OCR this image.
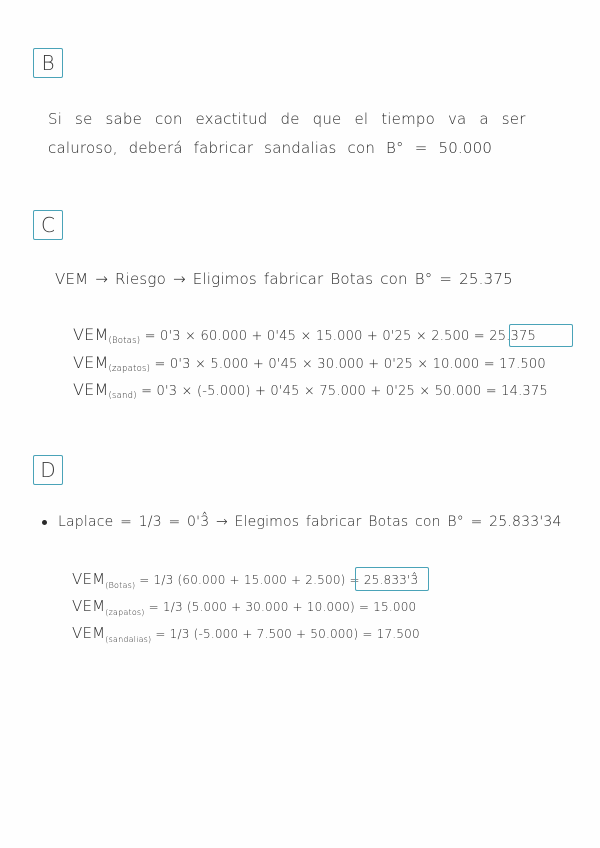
B
Si se sabe con exactitud de que el tiempo va a ser
caluroso, deberá fabricar sandalias con B° = 50.000
C
VEM → Riesgo → Eligimos fabricar Botas con B° = 25.375
$VEM_{(Botas)} = 0'3 \times 60.000 + 0'45 \times 15.000 + 0'25 \times 2.500 = 25.375$
$VEM_{(zapatos)} = 0'3 \times 5.000 + 0'45 \times 30.000 + 0'25 \times 10.000 = 17.500$
$VEM_{(sand)} = 0'3 \times (-5.000) + 0'45 \times 75.000 + 0'25 \times 50.000 = 14.375$
D
Laplace = 1/3 = 0'3̂ → Elegimos fabricar Botas con B° = 25.833'34
$VEM_{(Botas)} = 1/3$ (60.000 + 15.000 + 2.500) = 25.833'3̂
$VEM_{(zapatos)} = 1/3$ (5.000 + 30.000 + 10.000) = 15.000
$VEM_{(sandalias)} = 1/3$ (-5.000 + 7.500 + 50.000) = 17.500
